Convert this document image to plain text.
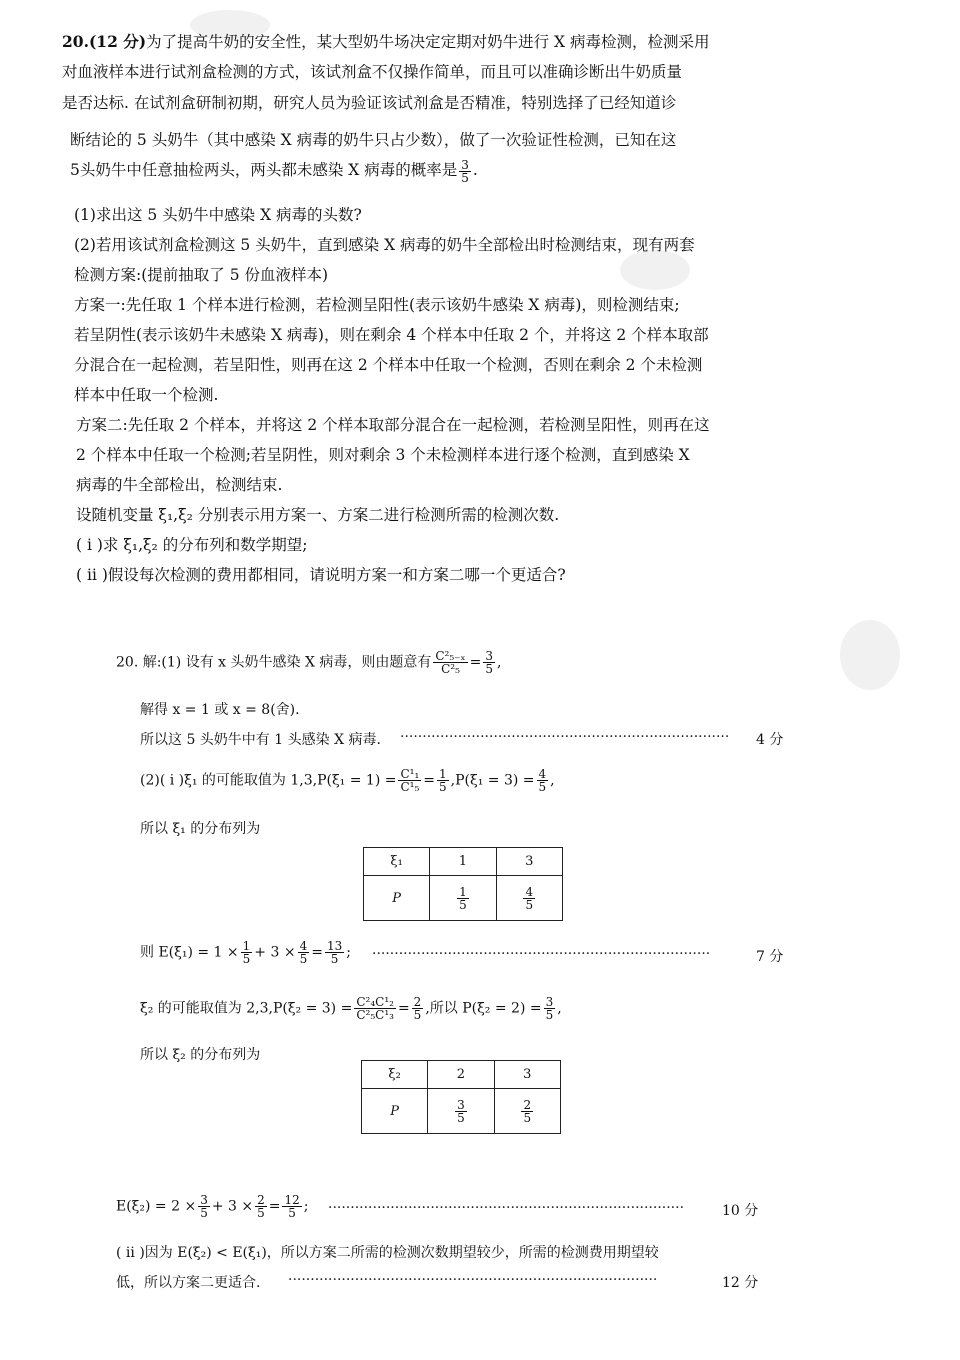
20.(12 分)为了提高牛奶的安全性，某大型奶牛场决定定期对奶牛进行 X 病毒检测，检测采用
对血液样本进行试剂盒检测的方式，该试剂盒不仅操作简单，而且可以准确诊断出牛奶质量
是否达标. 在试剂盒研制初期，研究人员为验证该试剂盒是否精准，特别选择了已经知道诊
断结论的 5 头奶牛（其中感染 X 病毒的奶牛只占少数），做了一次验证性检测，已知在这
5头奶牛中任意抽检两头，两头都未感染 X 病毒的概率是 $\frac{3}{5}$ .
(1)求出这 5 头奶牛中感染 X 病毒的头数?
(2)若用该试剂盒检测这 5 头奶牛，直到感染 X 病毒的奶牛全部检出时检测结束，现有两套
检测方案:(提前抽取了 5 份血液样本)
方案一:先任取 1 个样本进行检测，若检测呈阳性(表示该奶牛感染 X 病毒)，则检测结束;
若呈阴性(表示该奶牛未感染 X 病毒)，则在剩余 4 个样本中任取 2 个，并将这 2 个样本取部
分混合在一起检测，若呈阳性，则再在这 2 个样本中任取一个检测，否则在剩余 2 个未检测
样本中任取一个检测.
方案二:先任取 2 个样本，并将这 2 个样本取部分混合在一起检测，若检测呈阳性，则再在这
2 个样本中任取一个检测;若呈阴性，则对剩余 3 个未检测样本进行逐个检测，直到感染 X
病毒的牛全部检出，检测结束.
设随机变量 ξ₁,ξ₂ 分别表示用方案一、方案二进行检测所需的检测次数.
( ⅰ )求 ξ₁,ξ₂ 的分布列和数学期望;
( ⅱ )假设每次检测的费用都相同，请说明方案一和方案二哪一个更适合?
20. 解:(1) 设有 x 头奶牛感染 X 病毒，则由题意有 $\frac{\text{C²₅₋ₓ}}{\text{C²₅}} = \frac{3}{5}$ ,
解得 x = 1 或 x = 8(舍).
所以这 5 头奶牛中有 1 头感染 X 病毒. ·········································································· 4 分
(2)( ⅰ )ξ₁ 的可能取值为 $1,3,P(\xi_1 = 1) = \frac{\text{C¹₁}}{\text{C¹₅}} = \frac{1}{5} ,P(\xi_1 = 3) = \frac{4}{5}$ ,
所以 ξ₁ 的分布列为
ξ₁	1	3
P	$\frac{1}{5}$	$\frac{4}{5}$
则 $E(\xi_1) = 1 \times \frac{1}{5} + 3 \times \frac{4}{5} = \frac{13}{5}$ ; ············································································	7 分
ξ₂ 的可能取值为 $2,3,P(\xi_2 = 3) = \frac{\text{C²₄C¹₂}}{\text{C²₅C¹₃}} = \frac{2}{5}$ ,所以 $P(\xi_2 = 2) = \frac{3}{5}$ ,
所以 ξ₂ 的分布列为
ξ₂	2	3
P	$\frac{3}{5}$	$\frac{2}{5}$
$E(\xi_2) = 2 \times \frac{3}{5} + 3 \times \frac{2}{5} = \frac{12}{5}$ ; ················································································	10 分
( ⅱ )因为 E(ξ₂) < E(ξ₁)，所以方案二所需的检测次数期望较少，所需的检测费用期望较
低，所以方案二更适合. ···················································································	12 分
